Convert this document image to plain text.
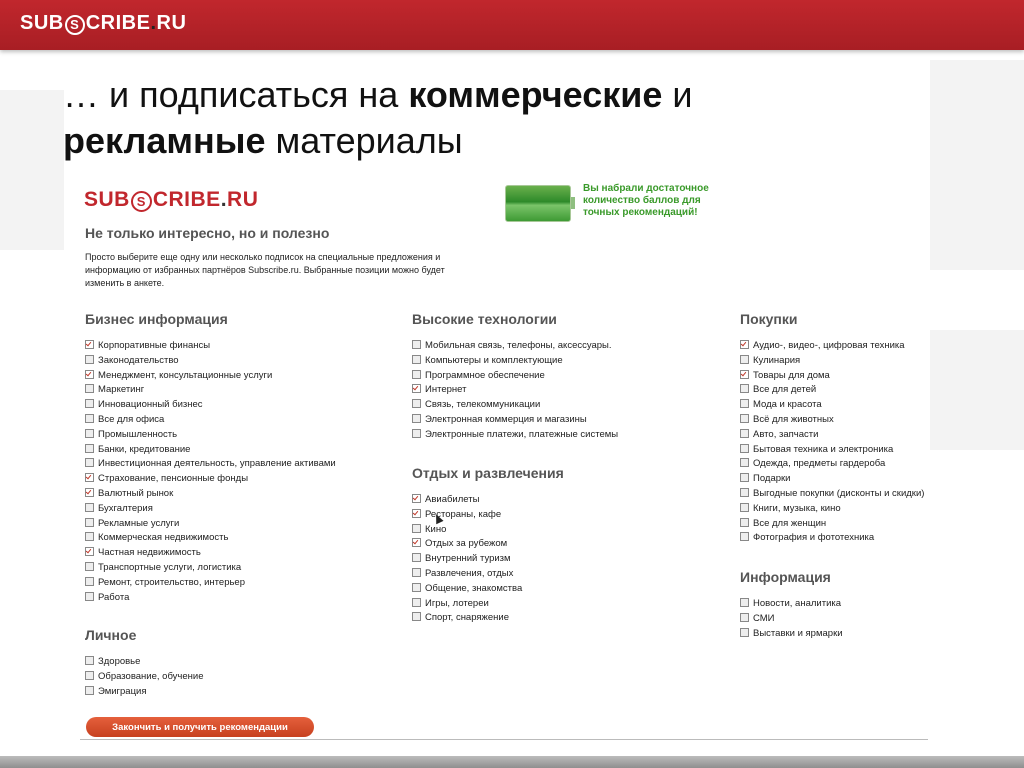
SUB S CRIBE.RU
… и подписаться на коммерческие и
рекламные материалы
SUB S CRIBE.RU	Вы набрали достаточное количество баллов для точных рекомендаций!
Не только интересно, но и полезно
Просто выберите еще одну или несколько подписок на специальные предложения и информацию от избранных партнёров Subscribe.ru. Выбранные позиции можно будет изменить в анкете.
Бизнес информация
Корпоративные финансы
Законодательство
Менеджмент, консультационные услуги
Маркетинг
Инновационный бизнес
Все для офиса
Промышленность
Банки, кредитование
Инвестиционная деятельность, управление активами
Страхование, пенсионные фонды
Валютный рынок
Бухгалтерия
Рекламные услуги
Коммерческая недвижимость
Частная недвижимость
Транспортные услуги, логистика
Ремонт, строительство, интерьер
Работа
Личное
Здоровье
Образование, обучение
Эмиграция
Высокие технологии
Мобильная связь, телефоны, аксессуары.
Компьютеры и комплектующие
Программное обеспечение
Интернет
Связь, телекоммуникации
Электронная коммерция и магазины
Электронные платежи, платежные системы
Отдых и развлечения
Авиабилеты
Рестораны, кафе
Кино
Отдых за рубежом
Внутренний туризм
Развлечения, отдых
Общение, знакомства
Игры, лотереи
Спорт, снаряжение
Покупки
Аудио-, видео-, цифровая техника
Кулинария
Товары для дома
Все для детей
Мода и красота
Всё для животных
Авто, запчасти
Бытовая техника и электроника
Одежда, предметы гардероба
Подарки
Выгодные покупки (дисконты и скидки)
Книги, музыка, кино
Все для женщин
Фотография и фототехника
Информация
Новости, аналитика
СМИ
Выставки и ярмарки
Закончить и получить рекомендации
